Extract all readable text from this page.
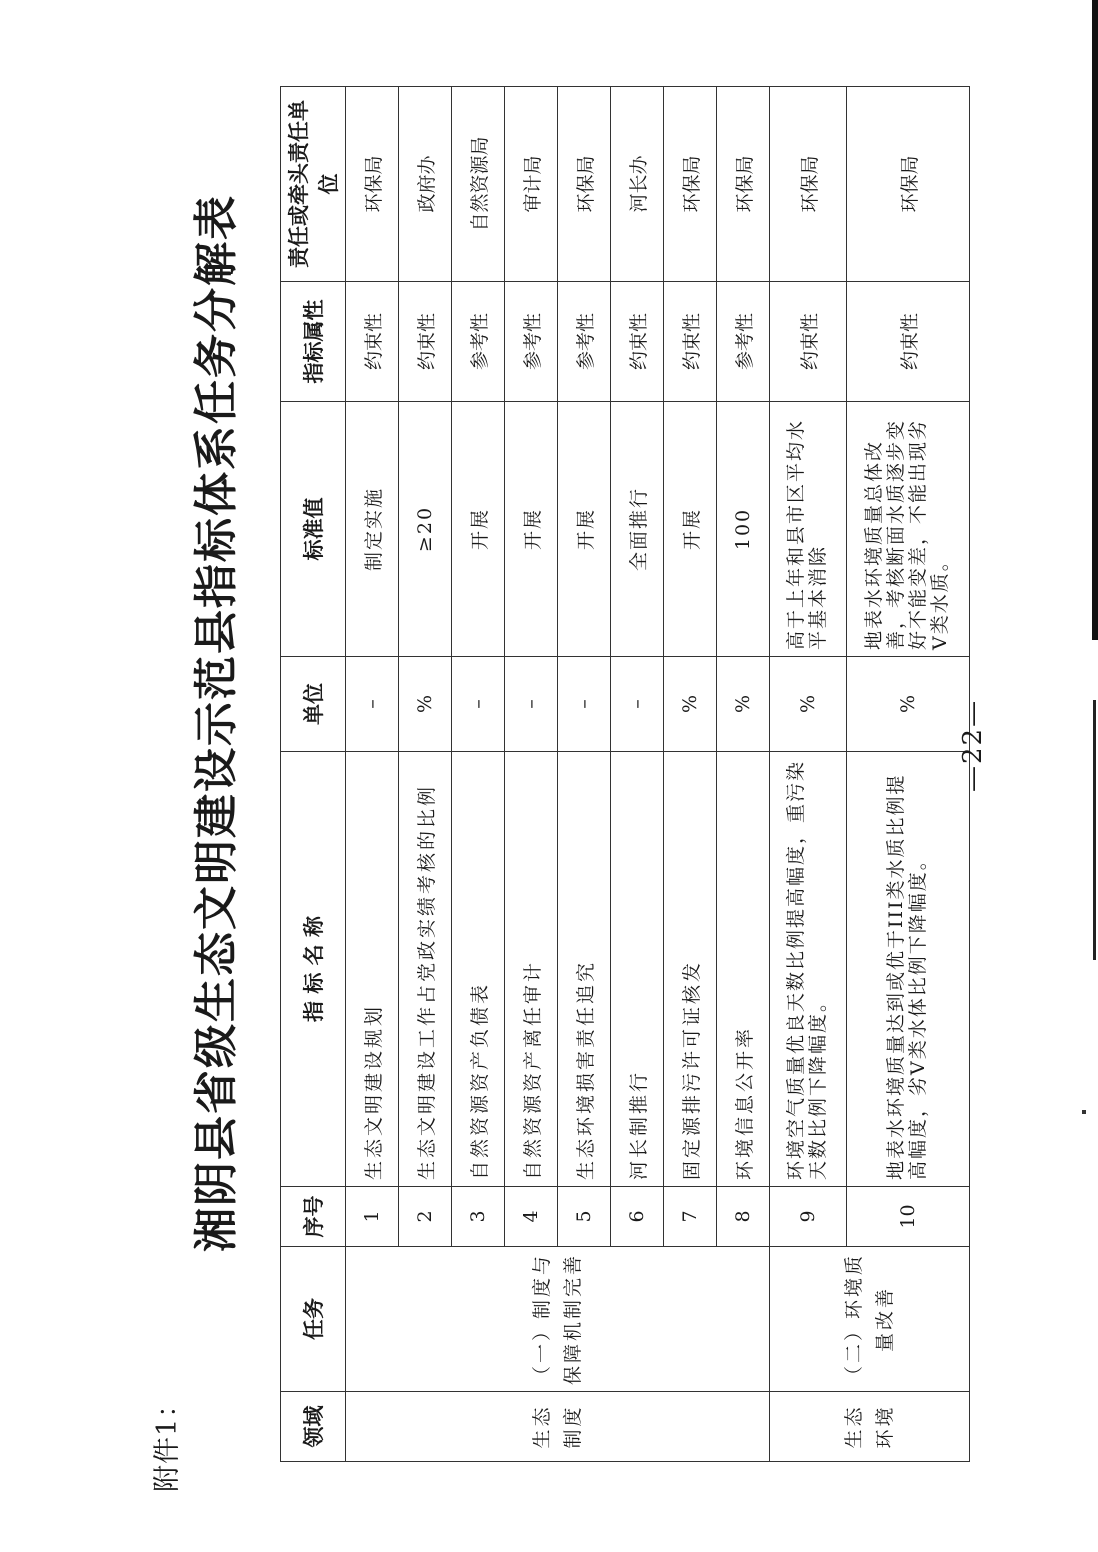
附件1：
湘阴县省级生态文明建设示范县指标体系任务分解表
领域	任务	序号	指 标 名 称	单位	标准值	指标属性	责任或牵头责任单位
生态制度	（一）制度与保障机制完善	1	生态文明建设规划	–	制定实施	约束性	环保局
		2	生态文明建设工作占党政实绩考核的比例	%	≥20	约束性	政府办
		3	自然资源资产负债表	–	开展	参考性	自然资源局
		4	自然资源资产离任审计	–	开展	参考性	审计局
		5	生态环境损害责任追究	–	开展	参考性	环保局
		6	河长制推行	–	全面推行	约束性	河长办
		7	固定源排污许可证核发	%	开展	约束性	环保局
		8	环境信息公开率	%	100	参考性	环保局
生态环境	（二）环境质量改善	9	环境空气质量优良天数比例提高幅度，重污染天数比例下降幅度。	%	高于上年和县市区平均水平基本消除	约束性	环保局
		10	地表水环境质量达到或优于III类水质比例提高幅度，劣V类水体比例下降幅度。	%	地表水环境质量总体改善，考核断面水质逐步变好不能变差，不能出现劣V类水质。	约束性	环保局
—22—
